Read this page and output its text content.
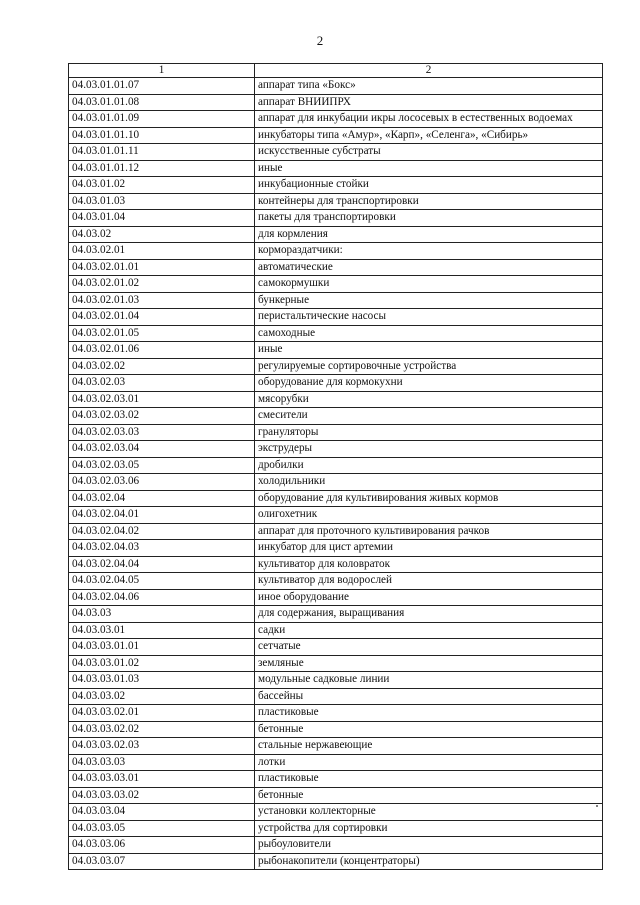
2
1	2
04.03.01.01.07	аппарат типа «Бокс»
04.03.01.01.08	аппарат ВНИИПРХ
04.03.01.01.09	аппарат для инкубации икры лососевых в естественных водоемах
04.03.01.01.10	инкубаторы типа «Амур», «Карп», «Селенга», «Сибирь»
04.03.01.01.11	искусственные субстраты
04.03.01.01.12	иные
04.03.01.02	инкубационные стойки
04.03.01.03	контейнеры для транспортировки
04.03.01.04	пакеты для транспортировки
04.03.02	для кормления
04.03.02.01	кормораздатчики:
04.03.02.01.01	автоматические
04.03.02.01.02	самокормушки
04.03.02.01.03	бункерные
04.03.02.01.04	перистальтические насосы
04.03.02.01.05	самоходные
04.03.02.01.06	иные
04.03.02.02	регулируемые сортировочные устройства
04.03.02.03	оборудование для кормокухни
04.03.02.03.01	мясорубки
04.03.02.03.02	смесители
04.03.02.03.03	грануляторы
04.03.02.03.04	экструдеры
04.03.02.03.05	дробилки
04.03.02.03.06	холодильники
04.03.02.04	оборудование для культивирования живых кормов
04.03.02.04.01	олигохетник
04.03.02.04.02	аппарат для проточного культивирования рачков
04.03.02.04.03	инкубатор для цист артемии
04.03.02.04.04	культиватор для коловраток
04.03.02.04.05	культиватор для водорослей
04.03.02.04.06	иное оборудование
04.03.03	для содержания, выращивания
04.03.03.01	садки
04.03.03.01.01	сетчатые
04.03.03.01.02	земляные
04.03.03.01.03	модульные садковые линии
04.03.03.02	бассейны
04.03.03.02.01	пластиковые
04.03.03.02.02	бетонные
04.03.03.02.03	стальные нержавеющие
04.03.03.03	лотки
04.03.03.03.01	пластиковые
04.03.03.03.02	бетонные
04.03.03.04	установки коллекторные
04.03.03.05	устройства для сортировки
04.03.03.06	рыбоуловители
04.03.03.07	рыбонакопители (концентраторы)
